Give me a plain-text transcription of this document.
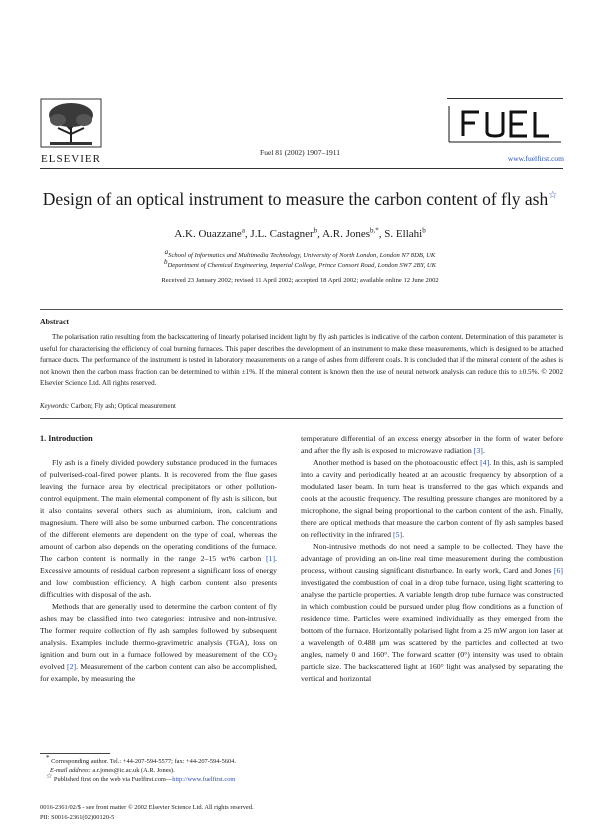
ELSEVIER
Fuel 81 (2002) 1907–1911
www.fuelfirst.com
Design of an optical instrument to measure the carbon content of fly ash☆
A.K. Ouazzane$^a$, J.L. Castagner$^b$, A.R. Jones$^{b,*}$, S. Ellahi$^b$
$^a$School of Informatics and Multimedia Technology, University of North London, London N7 8DB, UK
$^b$Department of Chemical Engineering, Imperial College, Prince Consort Road, London SW7 2BY, UK
Received 23 January 2002; revised 11 April 2002; accepted 18 April 2002; available online 12 June 2002
Abstract
The polarisation ratio resulting from the backscattering of linearly polarised incident light by fly ash particles is indicative of the carbon content. Determination of this parameter is useful for characterising the efficiency of coal burning furnaces. This paper describes the development of an instrument to make these measurements, which is designed to be attached furnace ducts. The performance of the instrument is tested in laboratory measurements on a range of ashes from different coals. It is concluded that if the mineral content of the ashes is not known then the carbon mass fraction can be determined to within ±1%. If the mineral content is known then the use of neural network analysis can reduce this to ±0.5%. © 2002 Elsevier Science Ltd. All rights reserved.
Keywords: Carbon; Fly ash; Optical measurement

1. Introduction

Fly ash is a finely divided powdery substance produced in the furnaces of pulverised-coal-fired power plants. It is recovered from the flue gases leaving the furnace area by electrical precipitators or other pollution-control equipment. The main elemental component of fly ash is silicon, but it also contains several others such as aluminium, iron, calcium and magnesium. There will also be some unburned carbon. The concentrations of the different elements are dependent on the type of coal, whereas the amount of carbon also depends on the operating conditions of the furnace. The carbon content is normally in the range 2–15 wt% carbon [1]. Excessive amounts of residual carbon represent a significant loss of energy and low combustion efficiency. A high carbon content also presents difficulties with disposal of the ash.

Methods that are generally used to determine the carbon content of fly ashes may be classified into two categories: intrusive and non-intrusive. The former require collection of fly ash samples followed by subsequent analysis. Examples include thermo-gravimetric analysis (TGA), loss on ignition and burn out in a furnace followed by measurement of the $CO_2$ evolved [2]. Measurement of the carbon content can also be accomplished, for example, by measuring the

* Corresponding author. Tel.: +44-207-594-5577; fax: +44-207-594-5604.

E-mail address: a.r.jones@ic.ac.uk (A.R. Jones).

☆ Published first on the web via Fuelfirst.com—http://www.fuelfirst.com

temperature differential of an excess energy absorber in the form of water before and after the fly ash is exposed to microwave radiation [3].

Another method is based on the photoacoustic effect [4]. In this, ash is sampled into a cavity and periodically heated at an acoustic frequency by absorption of a modulated laser beam. In turn heat is transferred to the gas which expands and cools at the acoustic frequency. The resulting pressure changes are monitored by a microphone, the signal being proportional to the carbon content of the ash. Finally, there are optical methods that measure the carbon content of fly ash samples based on reflectivity in the infrared [5].

Non-intrusive methods do not need a sample to be collected. They have the advantage of providing an on-line real time measurement during the combustion process, without causing significant disturbance. In early work, Card and Jones [6] investigated the combustion of coal in a drop tube furnace, using light scattering to analyse the particle properties. A variable length drop tube furnace was constructed in which combustion could be pursued under plug flow conditions as a function of residence time. Particles were examined individually as they emerged from the bottom of the furnace. Horizontally polarised light from a 25 mW argon ion laser at a wavelength of 0.488 μm was scattered by the particles and collected at two angles, namely 0 and 160°. The forward scatter (0°) intensity was used to obtain particle size. The backscattered light at 160° light was analysed by separating the vertical and horizontal

0016-2361/02/$ - see front matter © 2002 Elsevier Science Ltd. All rights reserved.
PII: S0016-2361(02)00120-5
